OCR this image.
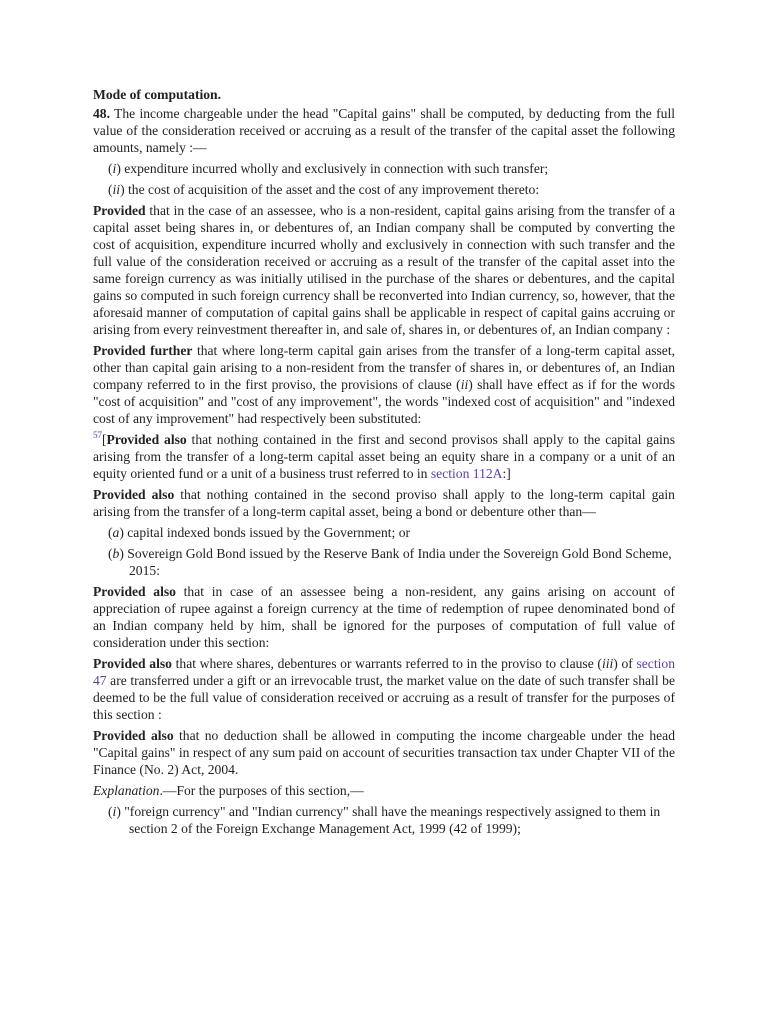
Mode of computation.

48. The income chargeable under the head "Capital gains" shall be computed, by deducting from the full value of the consideration received or accruing as a result of the transfer of the capital asset the following amounts, namely :—

(i) expenditure incurred wholly and exclusively in connection with such transfer;
(ii) the cost of acquisition of the asset and the cost of any improvement thereto:

Provided that in the case of an assessee, who is a non-resident, capital gains arising from the transfer of a capital asset being shares in, or debentures of, an Indian company shall be computed by converting the cost of acquisition, expenditure incurred wholly and exclusively in connection with such transfer and the full value of the consideration received or accruing as a result of the transfer of the capital asset into the same foreign currency as was initially utilised in the purchase of the shares or debentures, and the capital gains so computed in such foreign currency shall be reconverted into Indian currency, so, however, that the aforesaid manner of computation of capital gains shall be applicable in respect of capital gains accruing or arising from every reinvestment thereafter in, and sale of, shares in, or debentures of, an Indian company :

Provided further that where long-term capital gain arises from the transfer of a long-term capital asset, other than capital gain arising to a non-resident from the transfer of shares in, or debentures of, an Indian company referred to in the first proviso, the provisions of clause (ii) shall have effect as if for the words "cost of acquisition" and "cost of any improvement", the words "indexed cost of acquisition" and "indexed cost of any improvement" had respectively been substituted:

$^{57}$[Provided also that nothing contained in the first and second provisos shall apply to the capital gains arising from the transfer of a long-term capital asset being an equity share in a company or a unit of an equity oriented fund or a unit of a business trust referred to in section 112A:]

Provided also that nothing contained in the second proviso shall apply to the long-term capital gain arising from the transfer of a long-term capital asset, being a bond or debenture other than—

(a) capital indexed bonds issued by the Government; or
(b) Sovereign Gold Bond issued by the Reserve Bank of India under the Sovereign Gold Bond Scheme, 2015:

Provided also that in case of an assessee being a non-resident, any gains arising on account of appreciation of rupee against a foreign currency at the time of redemption of rupee denominated bond of an Indian company held by him, shall be ignored for the purposes of computation of full value of consideration under this section:

Provided also that where shares, debentures or warrants referred to in the proviso to clause (iii) of section 47 are transferred under a gift or an irrevocable trust, the market value on the date of such transfer shall be deemed to be the full value of consideration received or accruing as a result of transfer for the purposes of this section :

Provided also that no deduction shall be allowed in computing the income chargeable under the head "Capital gains" in respect of any sum paid on account of securities transaction tax under Chapter VII of the Finance (No. 2) Act, 2004.

Explanation.—For the purposes of this section,—

(i) "foreign currency" and "Indian currency" shall have the meanings respectively assigned to them in section 2 of the Foreign Exchange Management Act, 1999 (42 of 1999);
